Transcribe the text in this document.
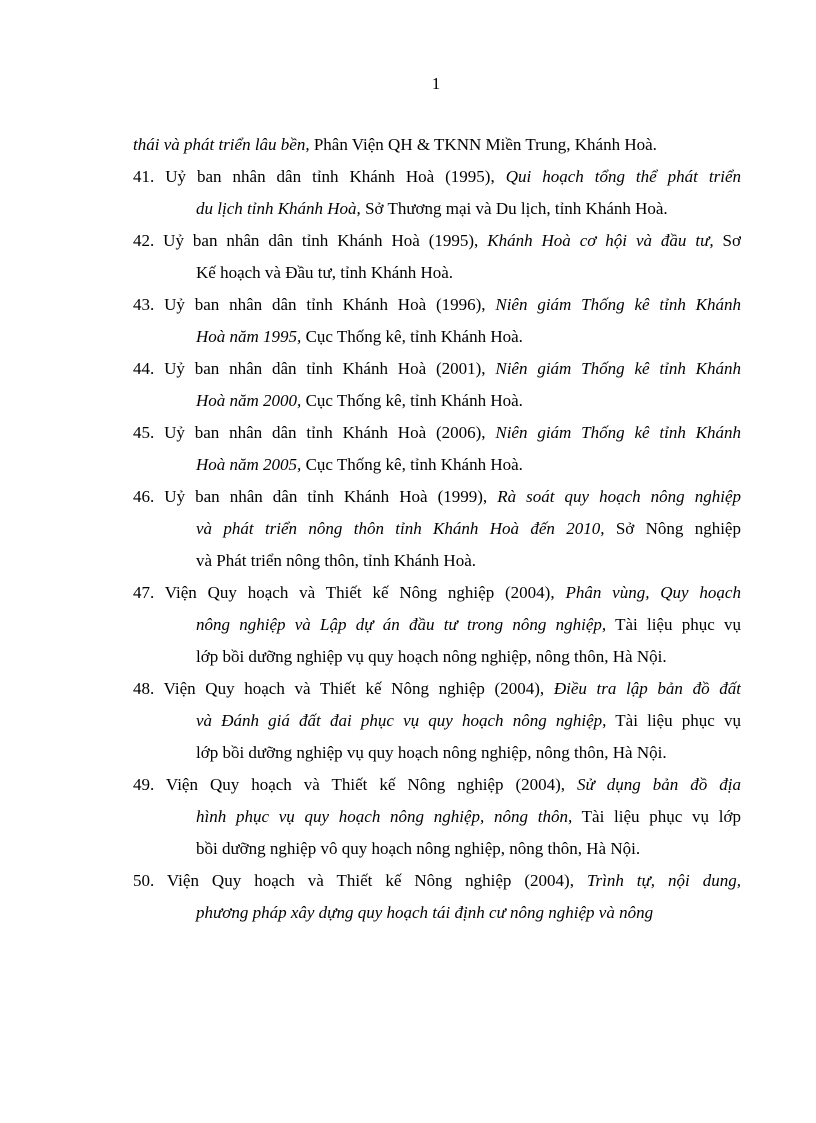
1
thái và phát triển lâu bền, Phân Viện QH & TKNN Miền Trung, Khánh Hoà.
41. Uỷ ban nhân dân tỉnh Khánh Hoà (1995), Qui hoạch tổng thể phát triển
du lịch tỉnh Khánh Hoà, Sở Thương mại và Du lịch, tỉnh Khánh Hoà.
42. Uỷ ban nhân dân tỉnh Khánh Hoà (1995), Khánh Hoà cơ hội và đầu tư, Sơ
Kế hoạch và Đầu tư, tỉnh Khánh Hoà.
43. Uỷ ban nhân dân tỉnh Khánh Hoà (1996), Niên giám Thống kê tỉnh Khánh
Hoà năm 1995, Cục Thống kê, tỉnh Khánh Hoà.
44. Uỷ ban nhân dân tỉnh Khánh Hoà (2001), Niên giám Thống kê tỉnh Khánh
Hoà năm 2000, Cục Thống kê, tỉnh Khánh Hoà.
45. Uỷ ban nhân dân tỉnh Khánh Hoà (2006), Niên giám Thống kê tỉnh Khánh
Hoà năm 2005, Cục Thống kê, tỉnh Khánh Hoà.
46. Uỷ ban nhân dân tỉnh Khánh Hoà (1999), Rà soát quy hoạch nông nghiệp
và phát triển nông thôn tỉnh Khánh Hoà đến 2010, Sở Nông nghiệp
và Phát triển nông thôn, tỉnh Khánh Hoà.
47. Viện Quy hoạch và Thiết kế Nông nghiệp (2004), Phân vùng, Quy hoạch
nông nghiệp và Lập dự án đầu tư trong nông nghiệp, Tài liệu phục vụ
lớp bồi dưỡng nghiệp vụ quy hoạch nông nghiệp, nông thôn, Hà Nội.
48. Viện Quy hoạch và Thiết kế Nông nghiệp (2004), Điều tra lập bản đồ đất
và Đánh giá đất đai phục vụ quy hoạch nông nghiệp, Tài liệu phục vụ
lớp bồi dưỡng nghiệp vụ quy hoạch nông nghiệp, nông thôn, Hà Nội.
49. Viện Quy hoạch và Thiết kế Nông nghiệp (2004), Sử dụng bản đồ địa
hình phục vụ quy hoạch nông nghiệp, nông thôn, Tài liệu phục vụ lớp
bồi dưỡng nghiệp vô quy hoạch nông nghiệp, nông thôn, Hà Nội.
50. Viện Quy hoạch và Thiết kế Nông nghiệp (2004), Trình tự, nội dung,
phương pháp xây dựng quy hoạch tái định cư nông nghiệp và nông
